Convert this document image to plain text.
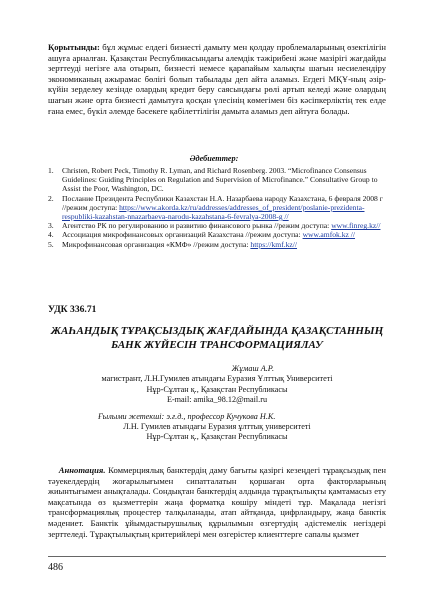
Қорытынды: бұл жұмыс елдегі бизнесті дамыту мен қолдау проблемаларының өзектілігін ашуға арналған. Қазақстан Республикасындағы алемдік тәжірибені және мазірігі жағдайды зерттеуді негізге ала отырып, бизнесті немесе қарапайым халықты шағын несиелендіру экономиканың ажырамас бөлігі болып табылады деп айта аламыз. Егдегі МҚҰ-ның әзір-күйін зерделеу кезінде олардың кредит беру саясындағы рөлі артып келеді және олардың шағын және орта бизнесті дамытуға қосқан үлесінің көмегімен біз кәсіпкерліктің тек елде ғана емес, бүкіл әлемде бәсекеге қабілеттілігін дамыта аламыз деп айтуға болады.
Әдебиеттер:
1. Christen, Robert Peck, Timothy R. Lyman, and Richard Rosenberg. 2003. “Microfinance Consensus Guidelines: Guiding Principles on Regulation and Supervision of Microfinance.” Consultative Group to Assist the Poor, Washington, DC.
2. Послание Президента Республики Казахстан Н.А. Назарбаева народу Казахстана, 6 февраля 2008 г //режим доступа: https://www.akorda.kz/ru/addresses/addresses_of_president/poslanie-prezidenta-respubliki-kazahstan-nnazarbaeva-narodu-kazahstana-6-fevralya-2008-g //
3. Агентство РК по регулированию и развитию финансового рынка //режим доступа: www.finreg.kz//
4. Ассоциация микрофинансовых организаций Казахстана //режим доступа: www.amfok.kz //
5. Микрофинансовая организация «КМФ» //режим доступа: https://kmf.kz//
УДК 336.71
ЖАҺАНДЫҚ ТҰРАҚСЫЗДЫҚ ЖАҒДАЙЫНДА ҚАЗАҚСТАННЫҢ БАНК ЖҮЙЕСІН ТРАНСФОРМАЦИЯЛАУ
Жұмаш А.Р.
магистрант, Л.Н.Гумилев атындағы Еуразия Ұлттық Университеті
Нұр-Сұлтан қ., Қазақстан Республикасы
E-mail: amika_98.12@mail.ru
Ғылыми жетекші: э.ғ.д., профессор Кучукова Н.К.
Л.Н. Гумилев атындағы Еуразия ұлттық университеті
Нұр-Сұлтан қ., Қазақстан Республикасы
Аннотация. Коммерциялық банктердің даму бағыты қазіргі кезеңдегі тұрақсыздық пен тәуекелдердің жоғарылығымен сипатталатын қоршаған орта факторларының жиынтығымен анықталады. Сондықтан банктердің алдында тұрақтылықты қамтамасыз ету мақсатында өз қызметтерін жаңа форматқа көшіру міндеті тұр. Мақалада негізгі трансформациялық процестер талқыланады, атап айтқанда, цифрландыру, жаңа банктік мәдениет. Банктік ұйымдастырушылық құрылымын өзгертудің әдістемелік негіздері зерттеледі. Тұрақтылықтың критерийлері мен өзгерістер клиенттерге сапалы қызмет
486
